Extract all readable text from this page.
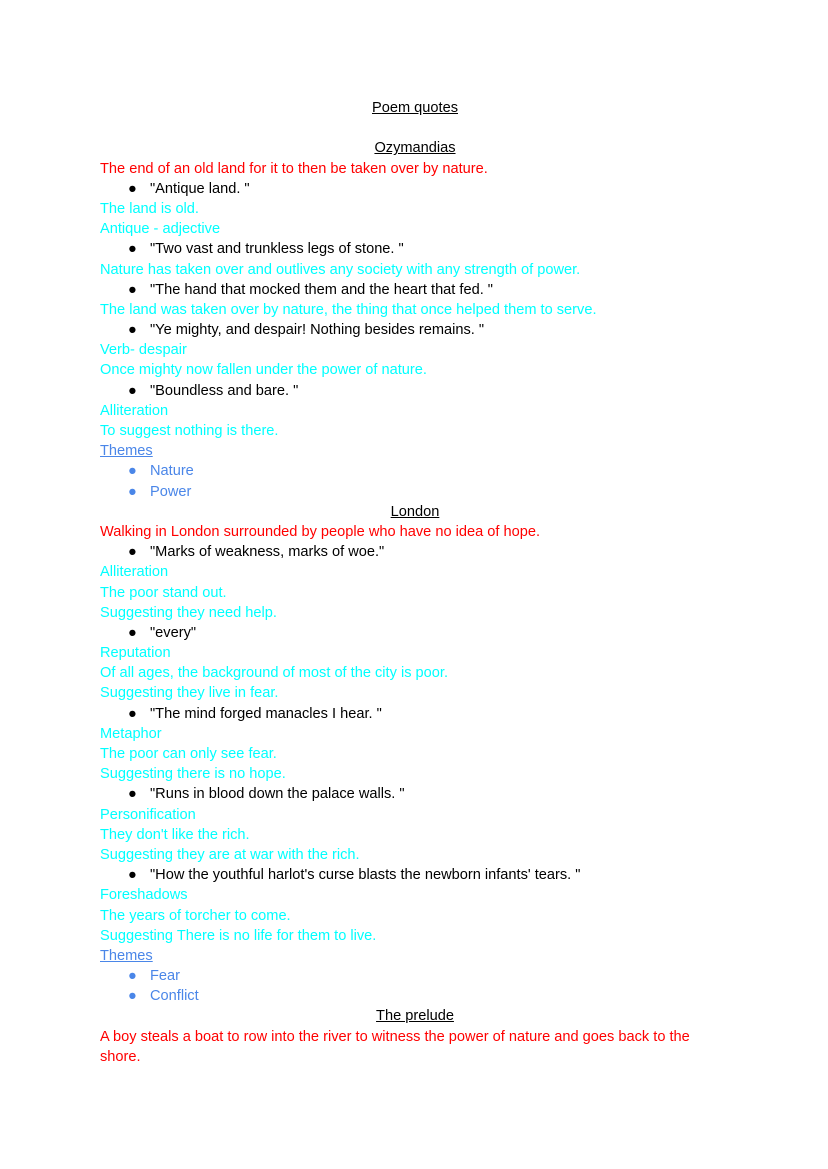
Poem quotes
Ozymandias
The end of an old land for it to then be taken over by nature.
● "Antique land. "
The land is old.
Antique - adjective
● "Two vast and trunkless legs of stone. "
Nature has taken over and outlives any society with any strength of power.
● "The hand that mocked them and the heart that fed. "
The land was taken over by nature, the thing that once helped them to serve.
● "Ye mighty, and despair! Nothing besides remains. "
Verb- despair
Once mighty now fallen under the power of nature.
● "Boundless and bare. "
Alliteration
To suggest nothing is there.
Themes
● Nature
● Power
London
Walking in London surrounded by people who have no idea of hope.
● "Marks of weakness, marks of woe."
Alliteration
The poor stand out.
Suggesting they need help.
● "every"
Reputation
Of all ages, the background of most of the city is poor.
Suggesting they live in fear.
● "The mind forged manacles I hear. "
Metaphor
The poor can only see fear.
Suggesting there is no hope.
● "Runs in blood down the palace walls. "
Personification
They don't like the rich.
Suggesting they are at war with the rich.
● "How the youthful harlot's curse blasts the newborn infants' tears. "
Foreshadows
The years of torcher to come.
Suggesting There is no life for them to live.
Themes
● Fear
● Conflict
The prelude
A boy steals a boat to row into the river to witness the power of nature and goes back to the shore.
